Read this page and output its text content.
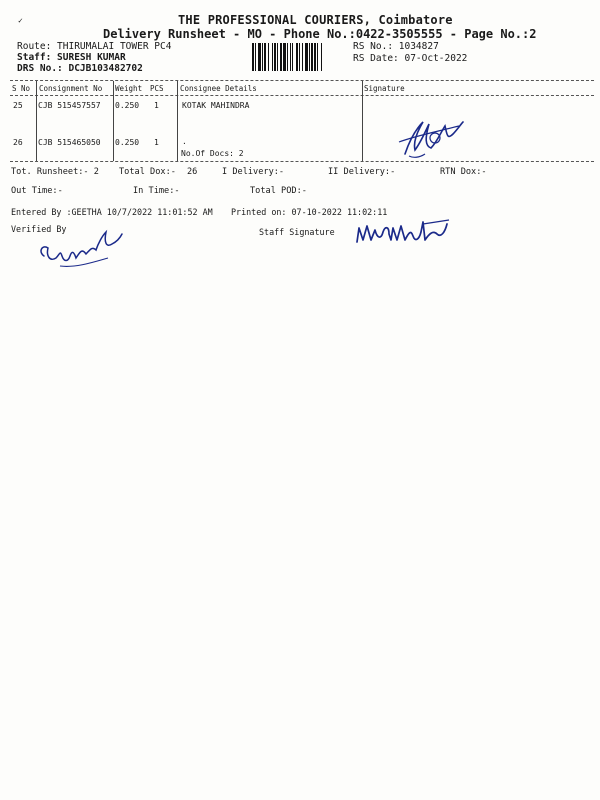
✓	THE PROFESSIONAL COURIERS, Coimbatore
Delivery Runsheet - MO - Phone No.:0422-3505555 - Page No.:2
Route: THIRUMALAI TOWER PC4
Staff: SURESH KUMAR
DRS No.: DCJB103482702
RS No.: 1034827
RS Date: 07-Oct-2022
S No Consignment No Weight PCS Consignee Details	Signature
25 CJB 515457557 0.250 1	KOTAK MAHINDRA
26 CJB 515465050 0.250 1	.
No.Of Docs: 2
Tot. Runsheet:- 2 Total Dox:- 26	I Delivery:-	II Delivery:-	RTN Dox:-
Out Time:-	In Time:-	Total POD:-
Entered By :GEETHA 10/7/2022 11:01:52 AM Printed on: 07-10-2022 11:02:11
Verified By	Staff Signature
